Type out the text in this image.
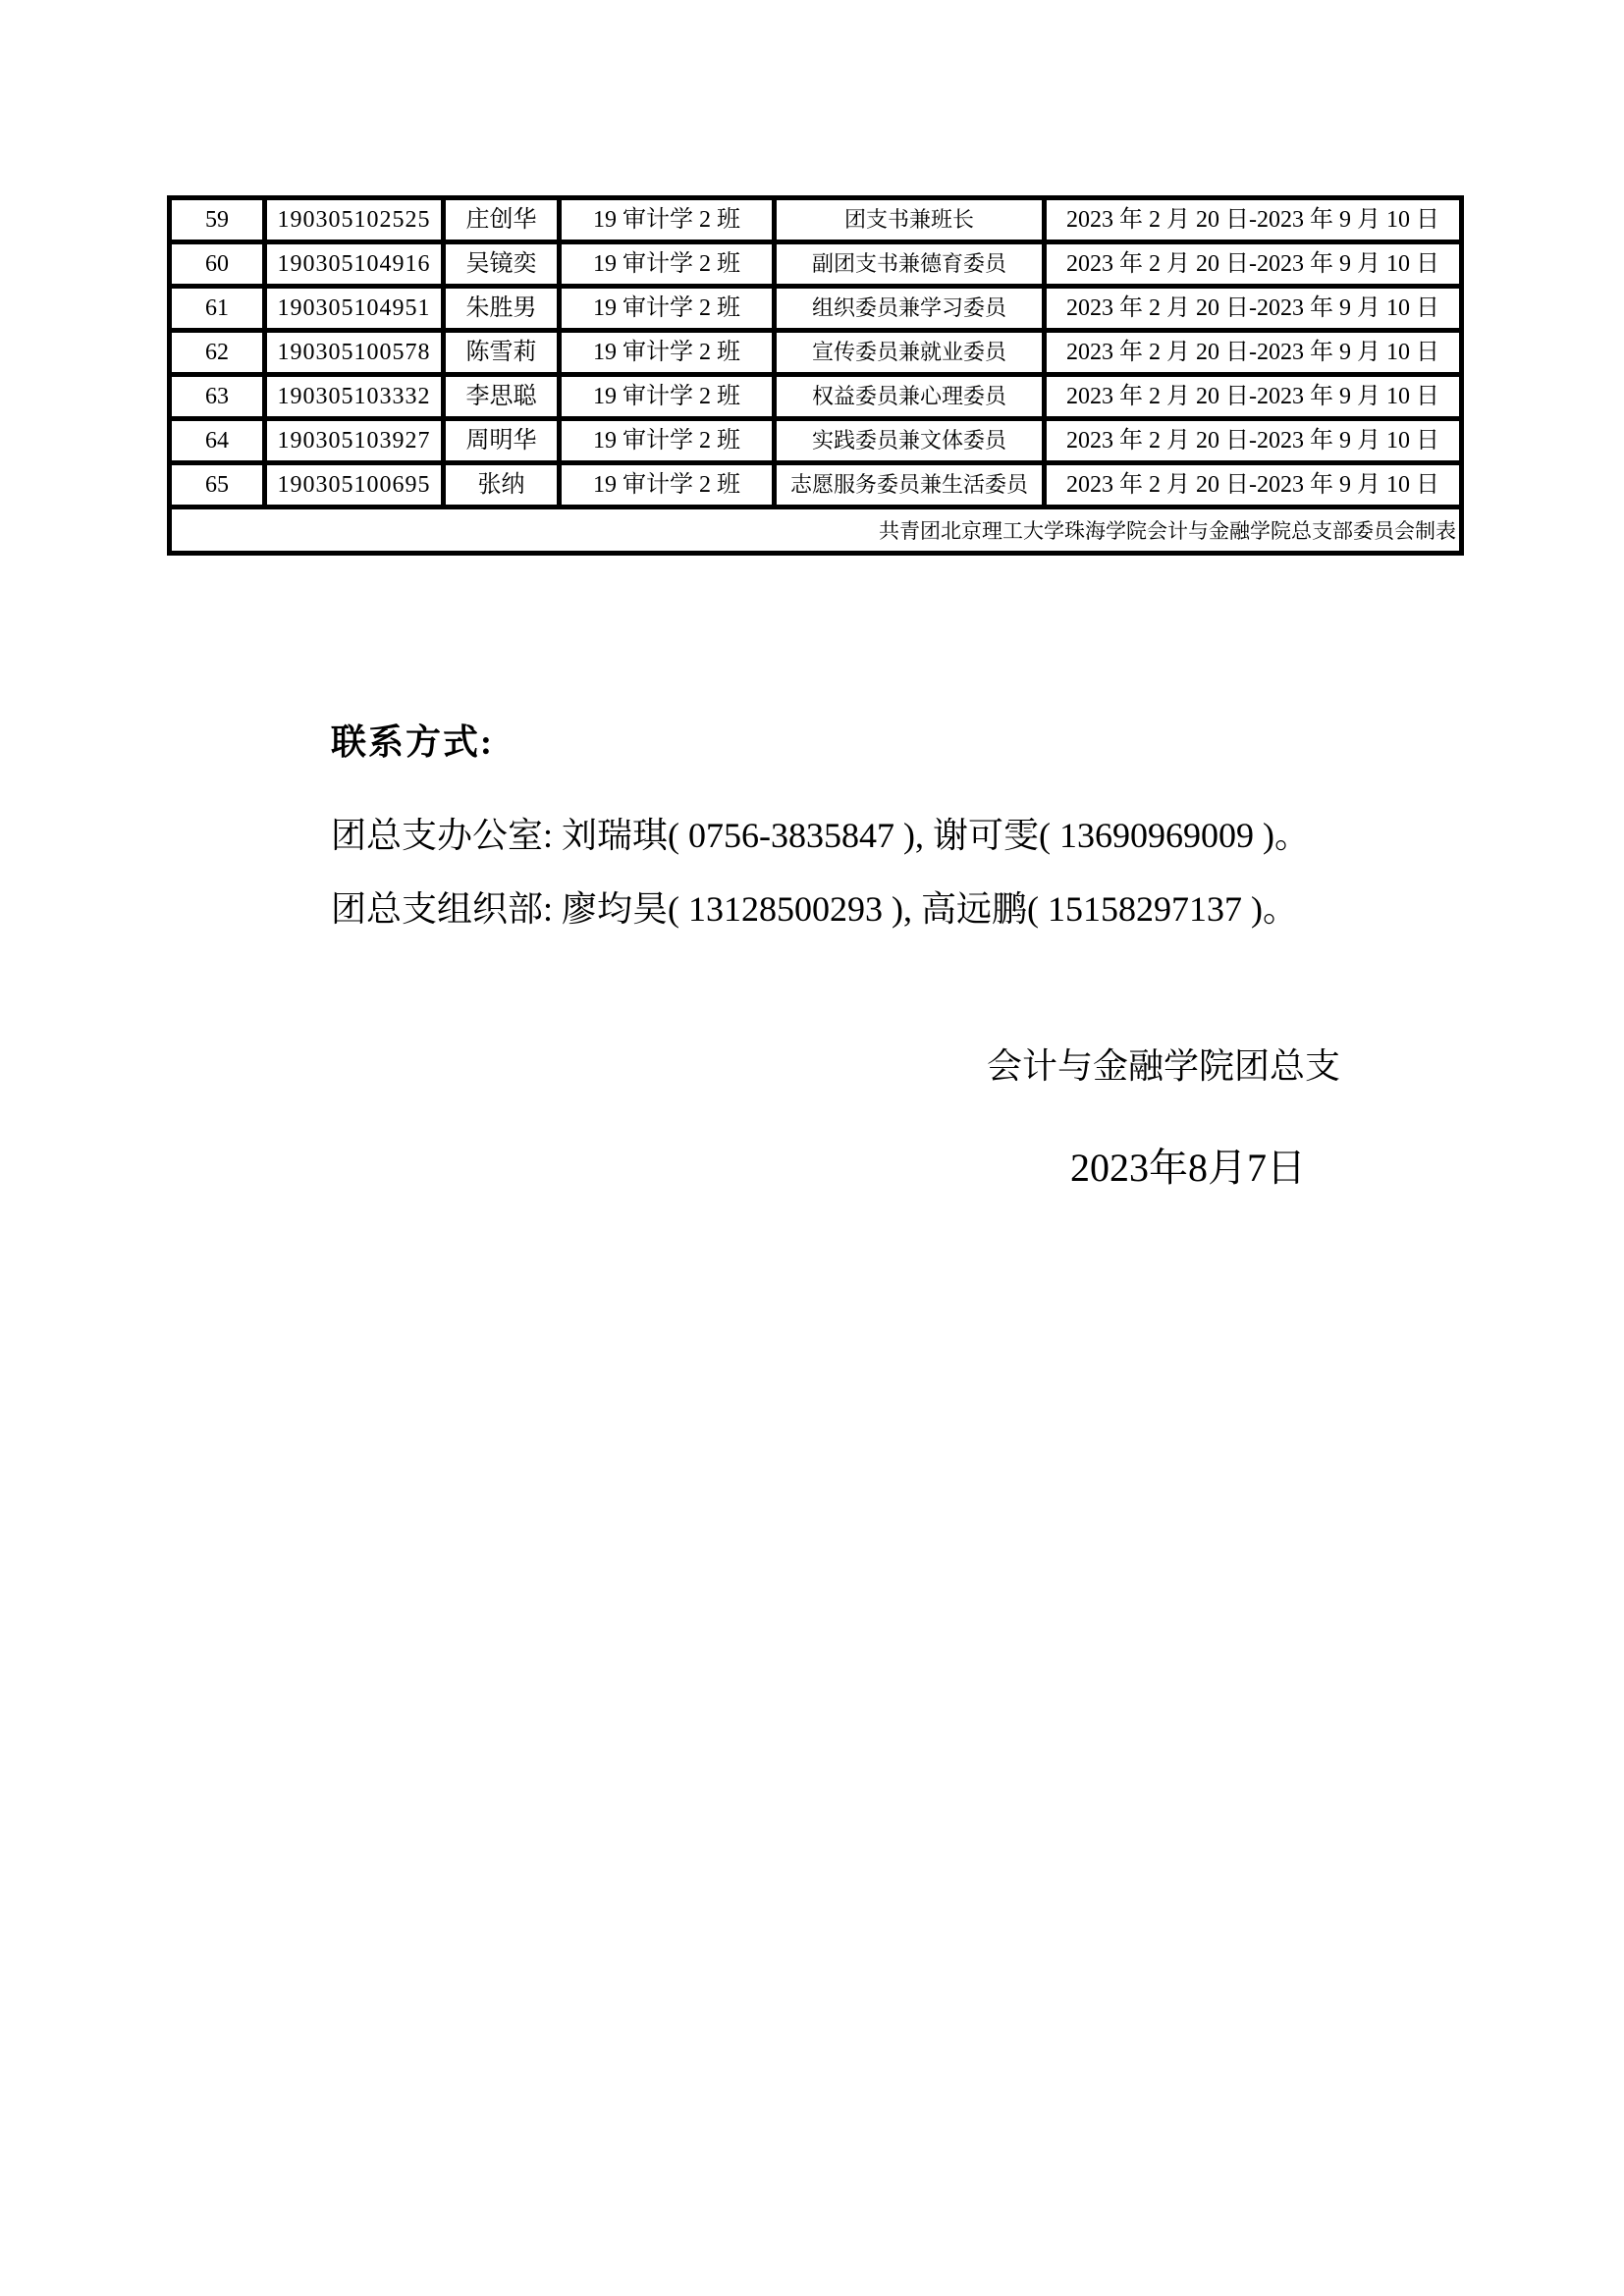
59	190305102525	庄创华	19 审计学 2 班	团支书兼班长	2023 年 2 月 20 日-2023 年 9 月 10 日
60	190305104916	吴镜奕	19 审计学 2 班	副团支书兼德育委员	2023 年 2 月 20 日-2023 年 9 月 10 日
61	190305104951	朱胜男	19 审计学 2 班	组织委员兼学习委员	2023 年 2 月 20 日-2023 年 9 月 10 日
62	190305100578	陈雪莉	19 审计学 2 班	宣传委员兼就业委员	2023 年 2 月 20 日-2023 年 9 月 10 日
63	190305103332	李思聪	19 审计学 2 班	权益委员兼心理委员	2023 年 2 月 20 日-2023 年 9 月 10 日
64	190305103927	周明华	19 审计学 2 班	实践委员兼文体委员	2023 年 2 月 20 日-2023 年 9 月 10 日
65	190305100695	张纳	19 审计学 2 班	志愿服务委员兼生活委员	2023 年 2 月 20 日-2023 年 9 月 10 日
共青团北京理工大学珠海学院会计与金融学院总支部委员会制表					

联系方式:

团总支办公室: 刘瑞琪( 0756-3835847 ), 谢可雯( 13690969009 )。

团总支组织部: 廖均昊( 13128500293 ), 高远鹏( 15158297137 )。

会计与金融学院团总支

2023年8月7日
